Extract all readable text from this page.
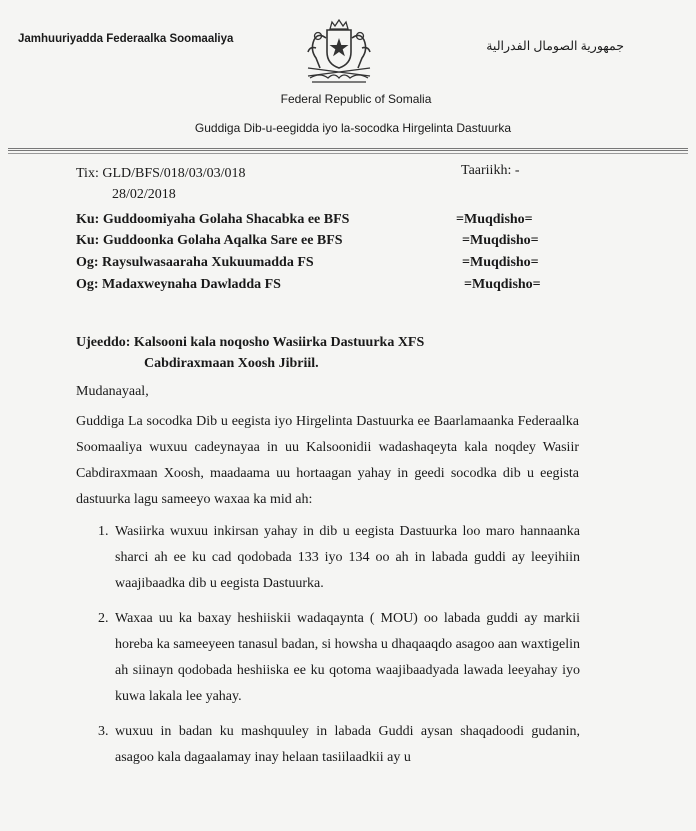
Jamhuuriyadda Federaalka Soomaaliya	جمهورية الصومال الفدرالية
Federal Republic of Somalia
Guddiga Dib-u-eegidda iyo la-socodka Hirgelinta Dastuurka
Tix: GLD/BFS/018/03/03/018
28/02/2018
Taariikh: -
Ku: Guddoomiyaha Golaha Shacabka ee BFS	=Muqdisho=
Ku: Guddoonka Golaha Aqalka Sare ee BFS	=Muqdisho=
Og: Raysulwasaaraha Xukuumadda FS	=Muqdisho=
Og: Madaxweynaha Dawladda FS	=Muqdisho=
Ujeeddo: Kalsooni kala noqosho Wasiirka Dastuurka XFS
Cabdiraxmaan Xoosh Jibriil.
Mudanayaal,
Guddiga La socodka Dib u eegista iyo Hirgelinta Dastuurka ee Baarlamaanka Federaalka Soomaaliya wuxuu cadeynayaa in uu Kalsoonidii wadashaqeyta kala noqdey Wasiir Cabdiraxmaan Xoosh, maadaama uu hortaagan yahay in geedi socodka dib u eegista dastuurka lagu sameeyo waxaa ka mid ah:
1. Wasiirka wuxuu inkirsan yahay in dib u eegista Dastuurka loo maro hannaanka sharci ah ee ku cad qodobada 133 iyo 134 oo ah in labada guddi ay leeyihiin waajibaadka dib u eegista Dastuurka.
2. Waxaa uu ka baxay heshiiskii wadaqaynta ( MOU) oo labada guddi ay markii horeba ka sameeyeen tanasul badan, si howsha u dhaqaaqdo asagoo aan waxtigelin ah siinayn qodobada heshiiska ee ku qotoma waajibaadyada lawada leeyahay iyo kuwa lakala lee yahay.
3. wuxuu in badan ku mashquuley in labada Guddi aysan shaqadoodi gudanin, asagoo kala dagaalamay inay helaan tasiilaadkii ay u
